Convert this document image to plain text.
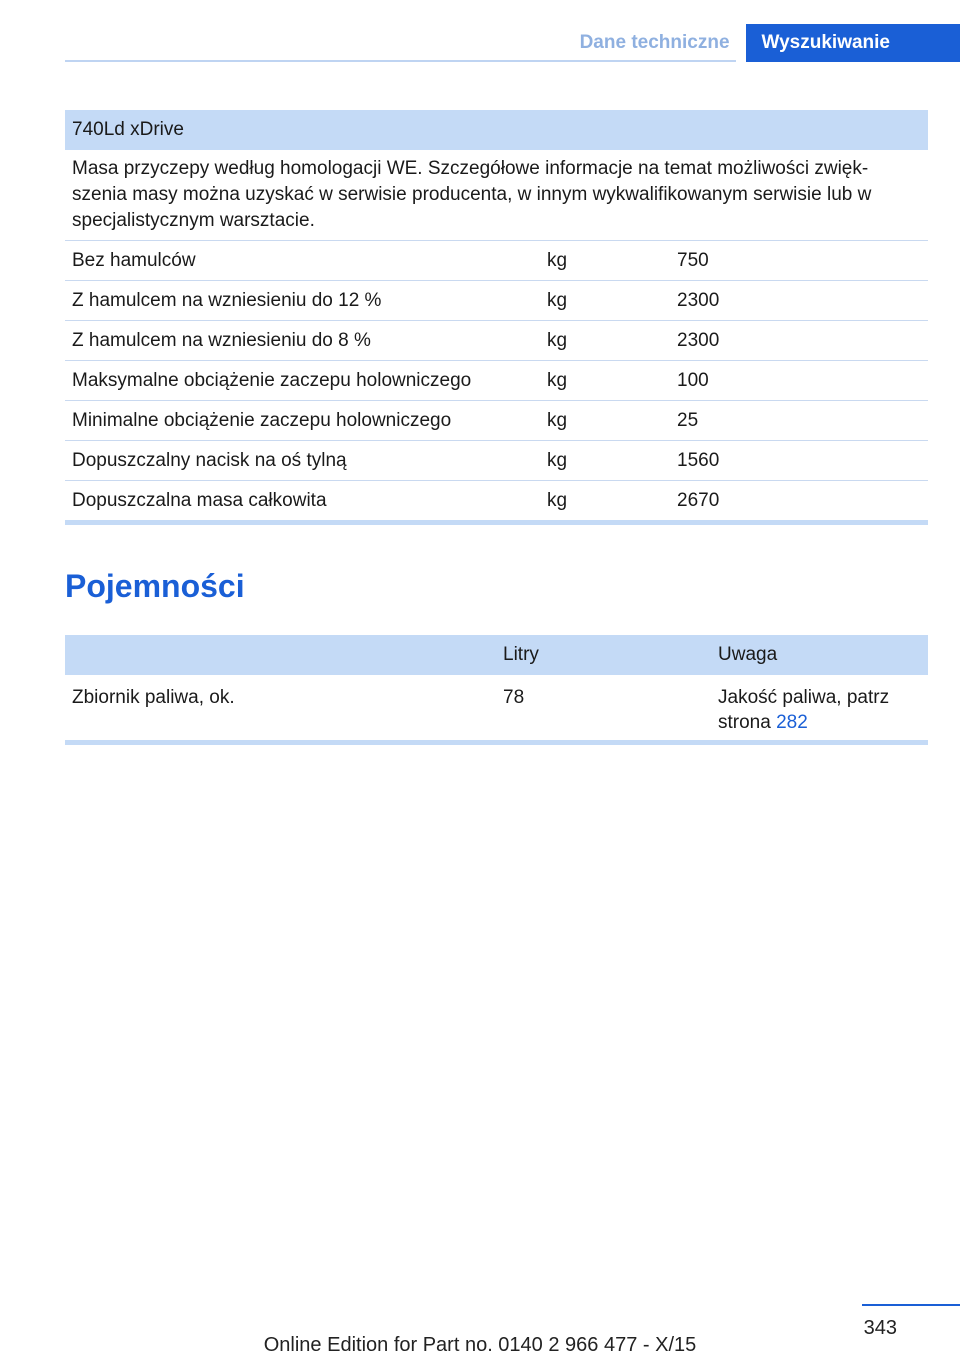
Dane techniczne	Wyszukiwanie
740Ld xDrive		
Masa przyczepy według homologacji WE. Szczegółowe informacje na temat możliwości zwięk-szenia masy można uzyskać w serwisie producenta, w innym wykwalifikowanym serwisie lub w specjalistycznym warsztacie.		
Bez hamulców	kg	750
Z hamulcem na wzniesieniu do 12 %	kg	2300
Z hamulcem na wzniesieniu do 8 %	kg	2300
Maksymalne obciążenie zaczepu holowniczego	kg	100
Minimalne obciążenie zaczepu holowniczego	kg	25
Dopuszczalny nacisk na oś tylną	kg	1560
Dopuszczalna masa całkowita	kg	2670
Pojemności
	Litry	Uwaga
Zbiornik paliwa, ok.	78	Jakość paliwa, patrz strona 282
343
Online Edition for Part no. 0140 2 966 477 - X/15
